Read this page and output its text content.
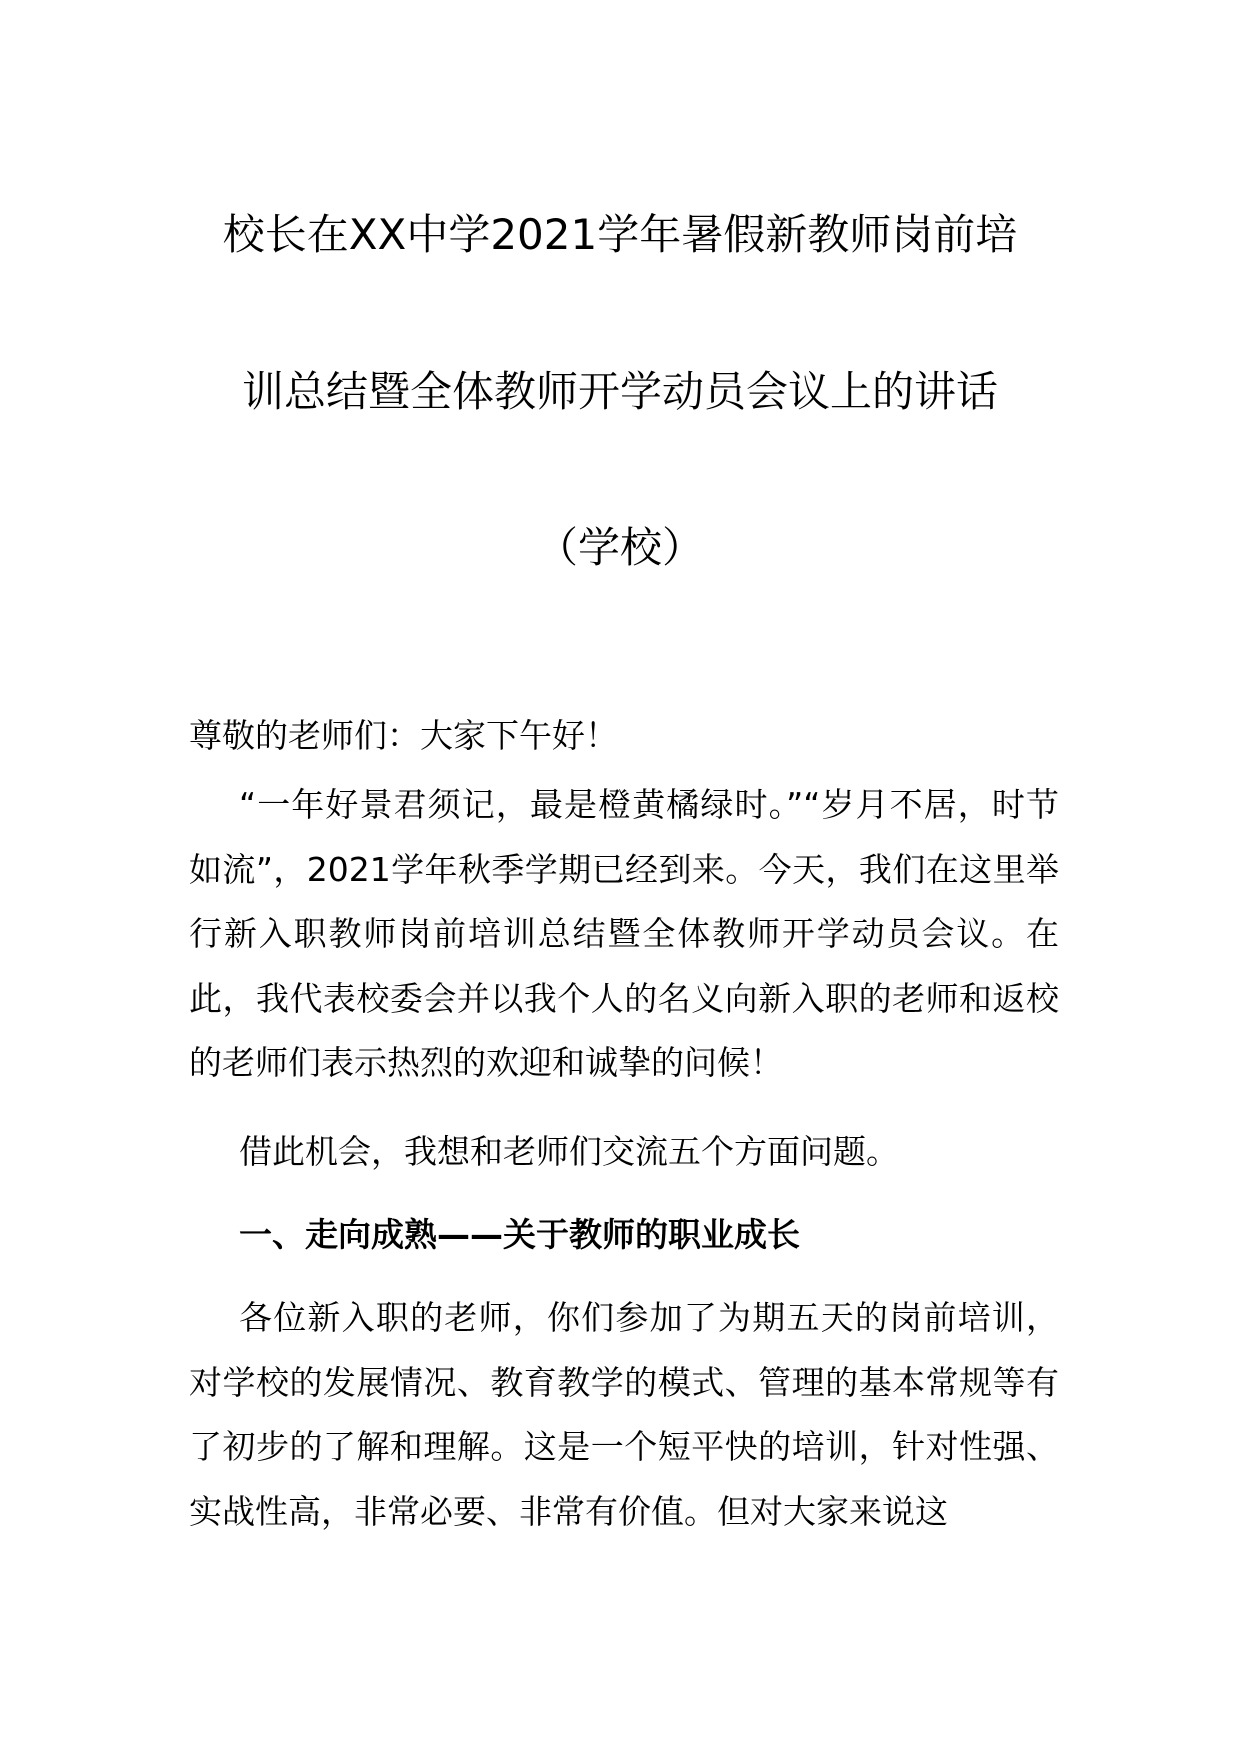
校长在XX中学2021学年暑假新教师岗前培
训总结暨全体教师开学动员会议上的讲话
（学校）

尊敬的老师们：大家下午好！

“一年好景君须记，最是橙黄橘绿时。”“岁月不居，时节如流”，2021学年秋季学期已经到来。今天，我们在这里举行新入职教师岗前培训总结暨全体教师开学动员会议。在此，我代表校委会并以我个人的名义向新入职的老师和返校的老师们表示热烈的欢迎和诚挚的问候！

借此机会，我想和老师们交流五个方面问题。

一、走向成熟——关于教师的职业成长

各位新入职的老师，你们参加了为期五天的岗前培训，对学校的发展情况、教育教学的模式、管理的基本常规等有了初步的了解和理解。这是一个短平快的培训，针对性强、实战性高，非常必要、非常有价值。但对大家来说这
